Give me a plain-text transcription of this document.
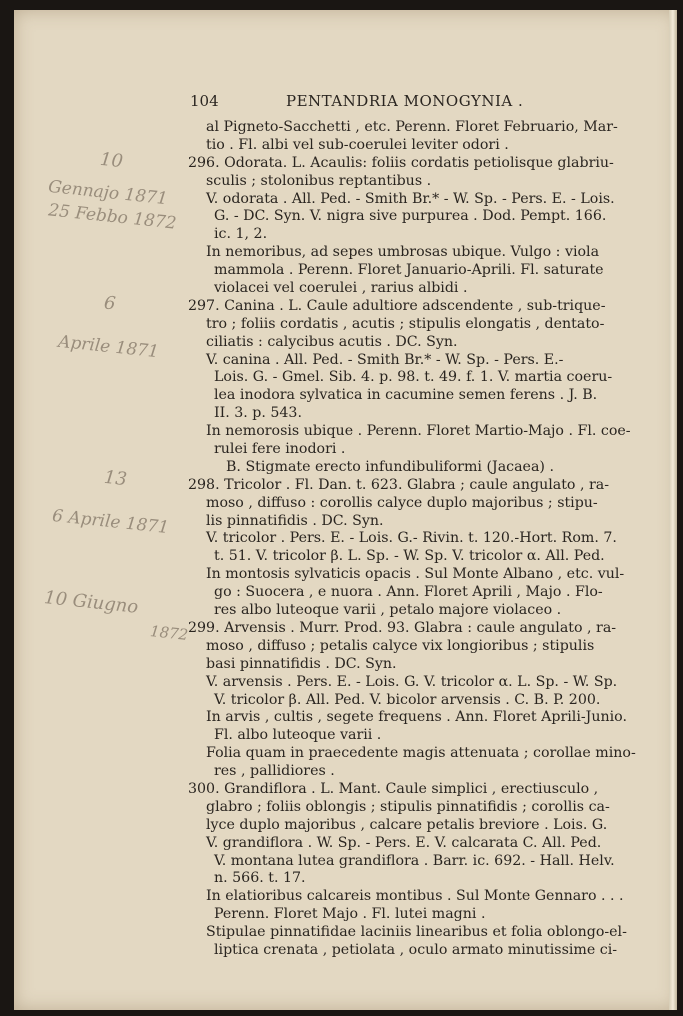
10
Gennajo 1871
25 Febbo 1872
6
Aprile 1871
13
6 Aprile 1871
10 Giugno
1872
104	PENTANDRIA MONOGYNIA .
al Pigneto-Sacchetti , etc. Perenn. Floret Februario, Mar-
tio . Fl. albi vel sub-coerulei leviter odori .
296. Odorata. L. Acaulis: foliis cordatis petiolisque glabriu-
sculis ; stolonibus reptantibus .
V. odorata . All. Ped. - Smith Br.* - W. Sp. - Pers. E. - Lois.
G. - DC. Syn. V. nigra sive purpurea . Dod. Pempt. 166.
ic. 1, 2.
In nemoribus, ad sepes umbrosas ubique. Vulgo : viola
mammola . Perenn. Floret Januario-Aprili. Fl. saturate
violacei vel coerulei , rarius albidi .
297. Canina . L. Caule adultiore adscendente , sub-trique-
tro ; foliis cordatis , acutis ; stipulis elongatis , dentato-
ciliatis : calycibus acutis . DC. Syn.
V. canina . All. Ped. - Smith Br.* - W. Sp. - Pers. E.-
Lois. G. - Gmel. Sib. 4. p. 98. t. 49. f. 1. V. martia coeru-
lea inodora sylvatica in cacumine semen ferens . J. B.
II. 3. p. 543.
In nemorosis ubique . Perenn. Floret Martio-Majo . Fl. coe-
rulei fere inodori .
B. Stigmate erecto infundibuliformi (Jacaea) .
298. Tricolor . Fl. Dan. t. 623. Glabra ; caule angulato , ra-
moso , diffuso : corollis calyce duplo majoribus ; stipu-
lis pinnatifidis . DC. Syn.
V. tricolor . Pers. E. - Lois. G.- Rivin. t. 120.-Hort. Rom. 7.
t. 51. V. tricolor β. L. Sp. - W. Sp. V. tricolor α. All. Ped.
In montosis sylvaticis opacis . Sul Monte Albano , etc. vul-
go : Suocera , e nuora . Ann. Floret Aprili , Majo . Flo-
res albo luteoque varii , petalo majore violaceo .
299. Arvensis . Murr. Prod. 93. Glabra : caule angulato , ra-
moso , diffuso ; petalis calyce vix longioribus ; stipulis
basi pinnatifidis . DC. Syn.
V. arvensis . Pers. E. - Lois. G. V. tricolor α. L. Sp. - W. Sp.
V. tricolor β. All. Ped. V. bicolor arvensis . C. B. P. 200.
In arvis , cultis , segete frequens . Ann. Floret Aprili-Junio.
Fl. albo luteoque varii .
Folia quam in praecedente magis attenuata ; corollae mino-
res , pallidiores .
300. Grandiflora . L. Mant. Caule simplici , erectiusculo ,
glabro ; foliis oblongis ; stipulis pinnatifidis ; corollis ca-
lyce duplo majoribus , calcare petalis breviore . Lois. G.
V. grandiflora . W. Sp. - Pers. E. V. calcarata C. All. Ped.
V. montana lutea grandiflora . Barr. ic. 692. - Hall. Helv.
n. 566. t. 17.
In elatioribus calcareis montibus . Sul Monte Gennaro . . .
Perenn. Floret Majo . Fl. lutei magni .
Stipulae pinnatifidae laciniis linearibus et folia oblongo-el-
liptica crenata , petiolata , oculo armato minutissime ci-
